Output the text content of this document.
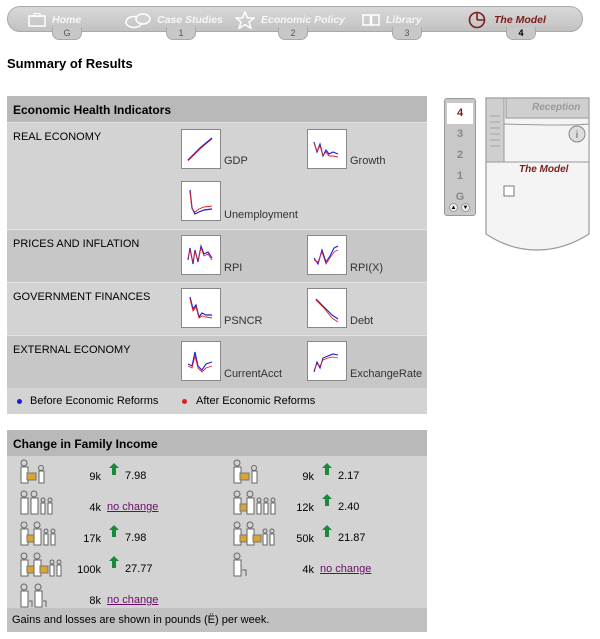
Home	Case Studies	Economic Policy	Library	The Model
G	1	2	3	4
Summary of Results
Economic Health Indicators
REAL ECONOMY
GDP	Growth
Unemployment
PRICES AND INFLATION
RPI	RPI(X)
GOVERNMENT FINANCES
PSNCR	Debt
EXTERNAL ECONOMY
CurrentAcct	ExchangeRate
Before Economic Reforms	After Economic Reforms
Change in Family Income
9k 7.98	9k 2.17
4k no change	12k 2.40
17k 7.98	50k 21.87
100k 27.77	4k no change
8k no change
Gains and losses are shown in pounds (Ë) per week.
4
3
2
1
G
▲ ▼
i
Reception
The Model
